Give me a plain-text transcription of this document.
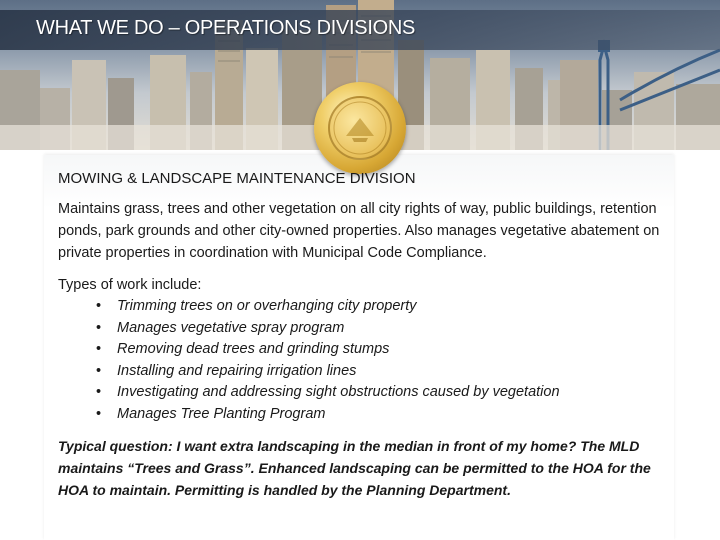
WHAT WE DO – OPERATIONS DIVISIONS
MOWING & LANDSCAPE MAINTENANCE DIVISION

Maintains grass, trees and other vegetation on all city rights of way, public buildings, retention ponds, park grounds and other city-owned properties. Also manages vegetative abatement on private properties in coordination with Municipal Code Compliance.

Types of work include:

• Trimming trees on or overhanging city property
• Manages vegetative spray program
• Removing dead trees and grinding stumps
• Installing and repairing irrigation lines
• Investigating and addressing sight obstructions caused by vegetation
• Manages Tree Planting Program

Typical question: I want extra landscaping in the median in front of my home? The MLD maintains “Trees and Grass”. Enhanced landscaping can be permitted to the HOA for the HOA to maintain. Permitting is handled by the Planning Department.
